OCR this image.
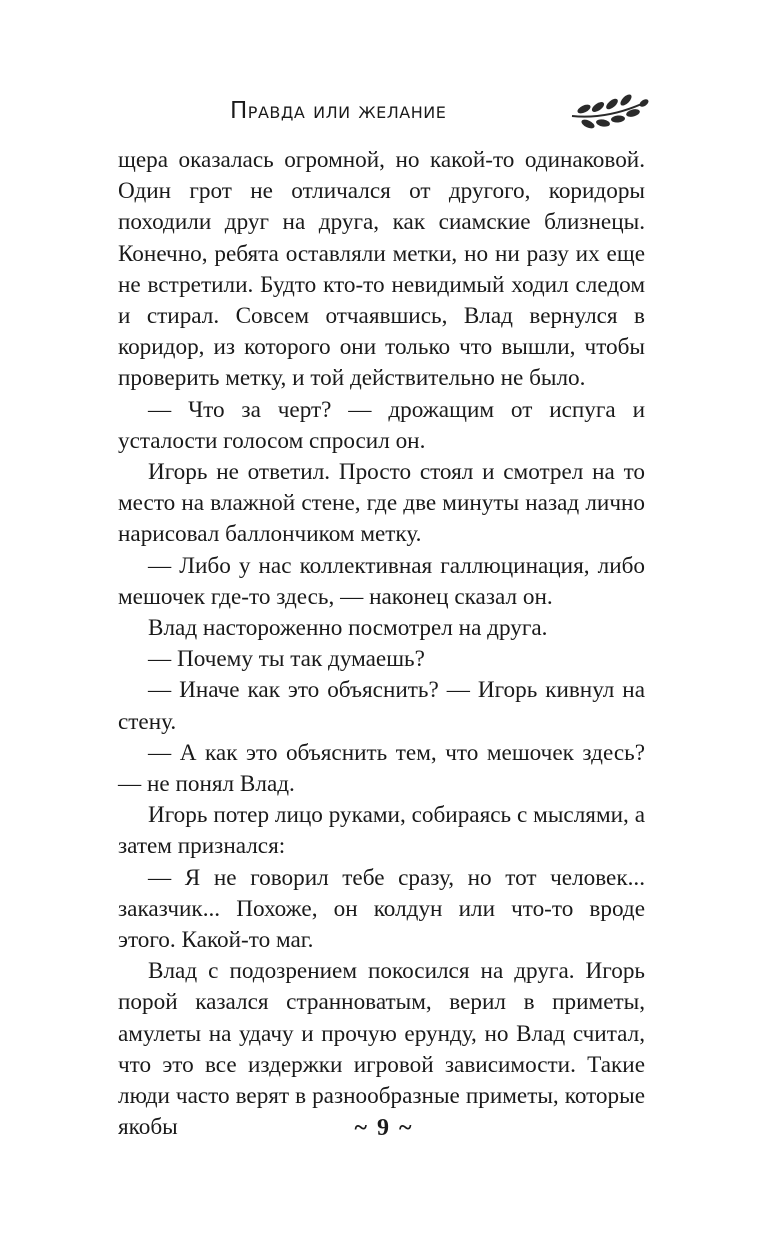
Правда или желание

щера оказалась огромной, но какой-то одинаковой. Один грот не отличался от другого, коридоры походили друг на друга, как сиамские близнецы. Конечно, ребята оставляли метки, но ни разу их еще не встретили. Будто кто-то невидимый ходил следом и стирал. Совсем отчаявшись, Влад вернулся в коридор, из которого они только что вышли, чтобы проверить метку, и той действительно не было.

— Что за черт? — дрожащим от испуга и усталости голосом спросил он.

Игорь не ответил. Просто стоял и смотрел на то место на влажной стене, где две минуты назад лично нарисовал баллончиком метку.

— Либо у нас коллективная галлюцинация, либо мешочек где-то здесь, — наконец сказал он.

Влад настороженно посмотрел на друга.

— Почему ты так думаешь?

— Иначе как это объяснить? — Игорь кивнул на стену.

— А как это объяснить тем, что мешочек здесь? — не понял Влад.

Игорь потер лицо руками, собираясь с мыслями, а затем признался:

— Я не говорил тебе сразу, но тот человек... заказчик... Похоже, он колдун или что-то вроде этого. Какой-то маг.

Влад с подозрением покосился на друга. Игорь порой казался странноватым, верил в приметы, амулеты на удачу и прочую ерунду, но Влад считал, что это все издержки игровой зависимости. Такие люди часто верят в разнообразные приметы, которые якобы	~ 9 ~
